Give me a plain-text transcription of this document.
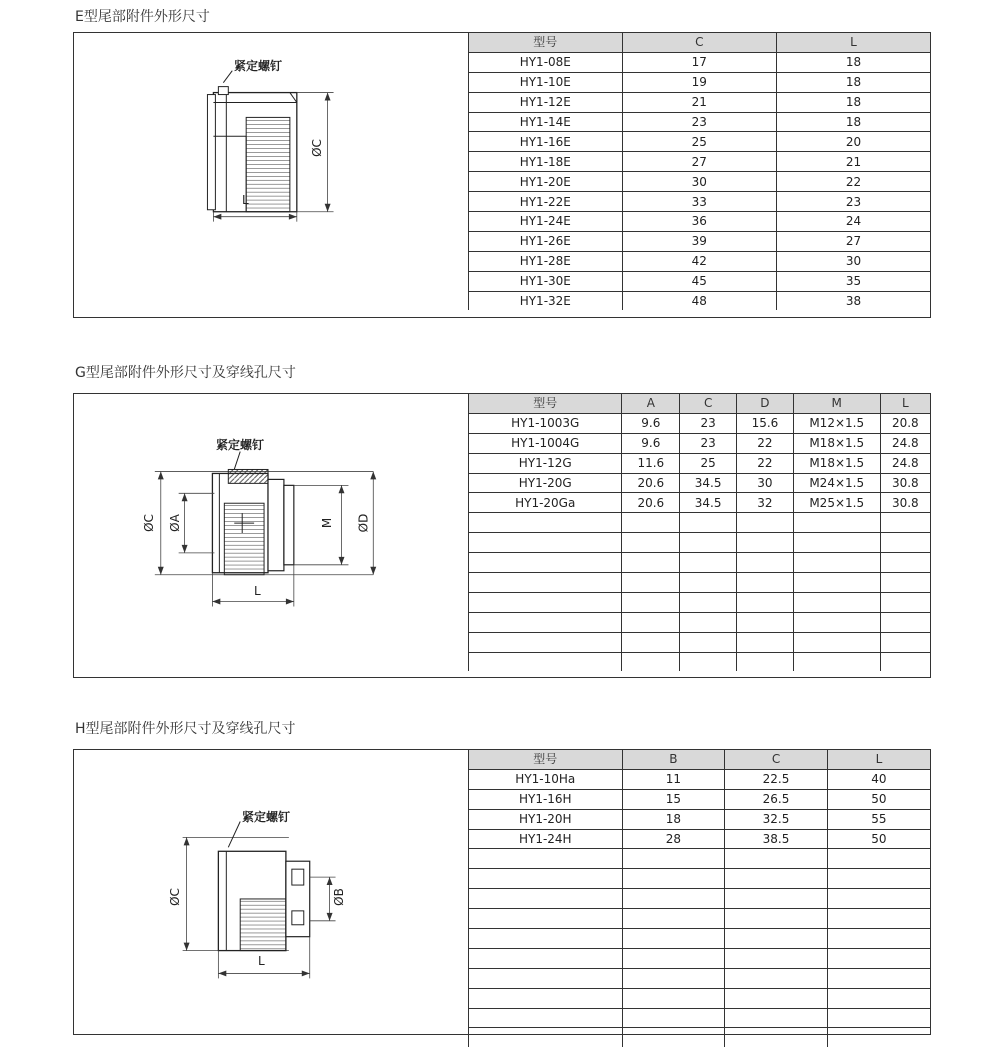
E型尾部附件外形尺寸
紧定螺钉
ØC
L
型号	C	L
HY1-08E	17	18
HY1-10E	19	18
HY1-12E	21	18
HY1-14E	23	18
HY1-16E	25	20
HY1-18E	27	21
HY1-20E	30	22
HY1-22E	33	23
HY1-24E	36	24
HY1-26E	39	27
HY1-28E	42	30
HY1-30E	45	35
HY1-32E	48	38
G型尾部附件外形尺寸及穿线孔尺寸
紧定螺钉
ØC ØA	M ØD
L
型号	A	C	D	M	L
HY1-1003G	9.6	23	15.6	M12×1.5	20.8
HY1-1004G	9.6	23	22	M18×1.5	24.8
HY1-12G	11.6	25	22	M18×1.5	24.8
HY1-20G	20.6	34.5	30	M24×1.5	30.8
HY1-20Ga	20.6	34.5	32	M25×1.5	30.8

H型尾部附件外形尺寸及穿线孔尺寸
紧定螺钉
ØC	ØB
L
型号	B	C	L
HY1-10Ha	11	22.5	40
HY1-16H	15	26.5	50
HY1-20H	18	32.5	55
HY1-24H	28	38.5	50
